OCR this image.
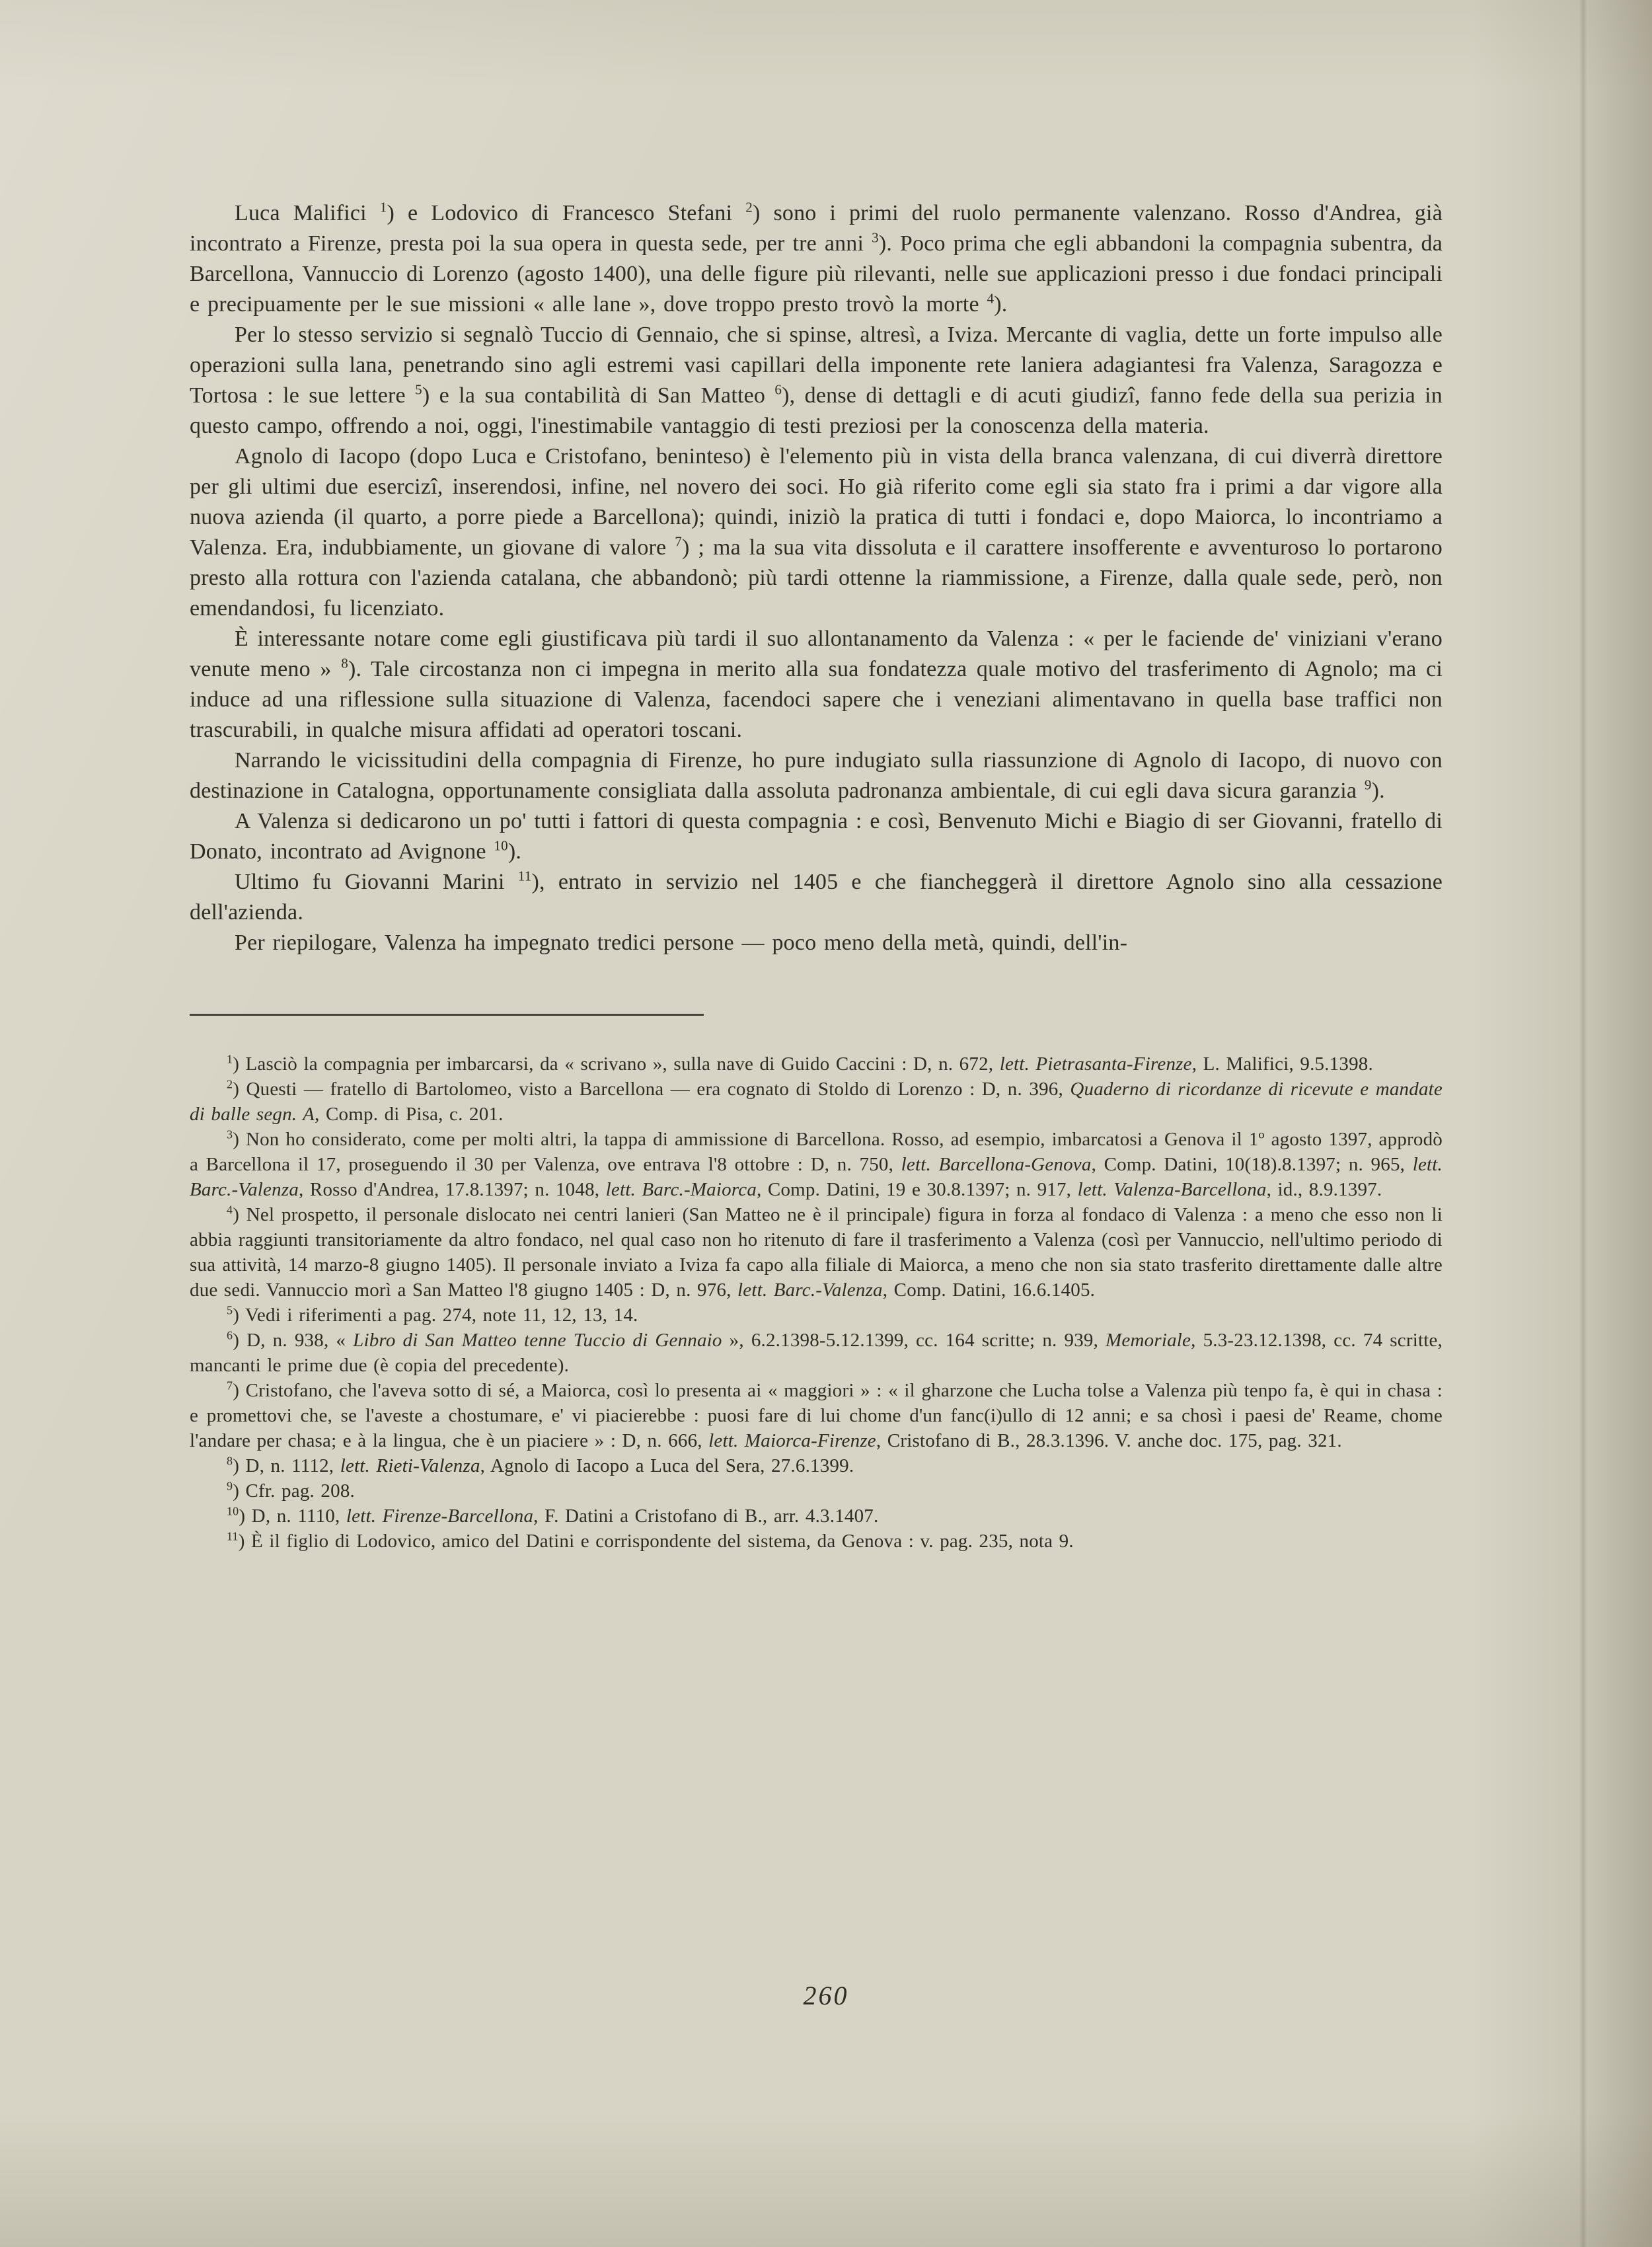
Luca Malifici $^1$) e Lodovico di Francesco Stefani $^2$) sono i primi del ruolo permanente valenzano. Rosso d'Andrea, già incontrato a Firenze, presta poi la sua opera in questa sede, per tre anni $^3$). Poco prima che egli abbandoni la compagnia subentra, da Barcellona, Vannuccio di Lorenzo (agosto 1400), una delle figure più rilevanti, nelle sue applicazioni presso i due fondaci principali e precipuamente per le sue missioni « alle lane », dove troppo presto trovò la morte $^4$).

Per lo stesso servizio si segnalò Tuccio di Gennaio, che si spinse, altresì, a Iviza. Mercante di vaglia, dette un forte impulso alle operazioni sulla lana, penetrando sino agli estremi vasi capillari della imponente rete laniera adagiantesi fra Valenza, Saragozza e Tortosa : le sue lettere $^5$) e la sua contabilità di San Matteo $^6$), dense di dettagli e di acuti giudizî, fanno fede della sua perizia in questo campo, offrendo a noi, oggi, l'inestimabile vantaggio di testi preziosi per la conoscenza della materia.

Agnolo di Iacopo (dopo Luca e Cristofano, beninteso) è l'elemento più in vista della branca valenzana, di cui diverrà direttore per gli ultimi due esercizî, inserendosi, infine, nel novero dei soci. Ho già riferito come egli sia stato fra i primi a dar vigore alla nuova azienda (il quarto, a porre piede a Barcellona); quindi, iniziò la pratica di tutti i fondaci e, dopo Maiorca, lo incontriamo a Valenza. Era, indubbiamente, un giovane di valore $^7$) ; ma la sua vita dissoluta e il carattere insofferente e avventuroso lo portarono presto alla rottura con l'azienda catalana, che abbandonò; più tardi ottenne la riammissione, a Firenze, dalla quale sede, però, non emendandosi, fu licenziato.

È interessante notare come egli giustificava più tardi il suo allontanamento da Valenza : « per le faciende de' viniziani v'erano venute meno » $^8$). Tale circostanza non ci impegna in merito alla sua fondatezza quale motivo del trasferimento di Agnolo; ma ci induce ad una riflessione sulla situazione di Valenza, facendoci sapere che i veneziani alimentavano in quella base traffici non trascurabili, in qualche misura affidati ad operatori toscani.

Narrando le vicissitudini della compagnia di Firenze, ho pure indugiato sulla riassunzione di Agnolo di Iacopo, di nuovo con destinazione in Catalogna, opportunamente consigliata dalla assoluta padronanza ambientale, di cui egli dava sicura garanzia $^9$).

A Valenza si dedicarono un po' tutti i fattori di questa compagnia : e così, Benvenuto Michi e Biagio di ser Giovanni, fratello di Donato, incontrato ad Avignone $^{10}$).

Ultimo fu Giovanni Marini $^{11}$), entrato in servizio nel 1405 e che fiancheggerà il direttore Agnolo sino alla cessazione dell'azienda.

Per riepilogare, Valenza ha impegnato tredici persone — poco meno della metà, quindi, dell'in-

$^1$) Lasciò la compagnia per imbarcarsi, da « scrivano », sulla nave di Guido Caccini : D, n. 672, lett. Pietrasanta-Firenze, L. Malifici, 9.5.1398.

$^2$) Questi — fratello di Bartolomeo, visto a Barcellona — era cognato di Stoldo di Lorenzo : D, n. 396, Quaderno di ricordanze di ricevute e mandate di balle segn. A, Comp. di Pisa, c. 201.

$^3$) Non ho considerato, come per molti altri, la tappa di ammissione di Barcellona. Rosso, ad esempio, imbarcatosi a Genova il 1º agosto 1397, approdò a Barcellona il 17, proseguendo il 30 per Valenza, ove entrava l'8 ottobre : D, n. 750, lett. Barcellona-Genova, Comp. Datini, 10(18).8.1397; n. 965, lett. Barc.-Valenza, Rosso d'Andrea, 17.8.1397; n. 1048, lett. Barc.-Maiorca, Comp. Datini, 19 e 30.8.1397; n. 917, lett. Valenza-Barcellona, id., 8.9.1397.

$^4$) Nel prospetto, il personale dislocato nei centri lanieri (San Matteo ne è il principale) figura in forza al fondaco di Valenza : a meno che esso non li abbia raggiunti transitoriamente da altro fondaco, nel qual caso non ho ritenuto di fare il trasferimento a Valenza (così per Vannuccio, nell'ultimo periodo di sua attività, 14 marzo-8 giugno 1405). Il personale inviato a Iviza fa capo alla filiale di Maiorca, a meno che non sia stato trasferito direttamente dalle altre due sedi. Vannuccio morì a San Matteo l'8 giugno 1405 : D, n. 976, lett. Barc.-Valenza, Comp. Datini, 16.6.1405.

$^5$) Vedi i riferimenti a pag. 274, note 11, 12, 13, 14.

$^6$) D, n. 938, « Libro di San Matteo tenne Tuccio di Gennaio », 6.2.1398-5.12.1399, cc. 164 scritte; n. 939, Memoriale, 5.3-23.12.1398, cc. 74 scritte, mancanti le prime due (è copia del precedente).

$^7$) Cristofano, che l'aveva sotto di sé, a Maiorca, così lo presenta ai « maggiori » : « il gharzone che Lucha tolse a Valenza più tenpo fa, è qui in chasa : e promettovi che, se l'aveste a chostumare, e' vi piacierebbe : puosi fare di lui chome d'un fanc(i)ullo di 12 anni; e sa chosì i paesi de' Reame, chome l'andare per chasa; e à la lingua, che è un piaciere » : D, n. 666, lett. Maiorca-Firenze, Cristofano di B., 28.3.1396. V. anche doc. 175, pag. 321.

$^8$) D, n. 1112, lett. Rieti-Valenza, Agnolo di Iacopo a Luca del Sera, 27.6.1399.

$^9$) Cfr. pag. 208.

$^{10}$) D, n. 1110, lett. Firenze-Barcellona, F. Datini a Cristofano di B., arr. 4.3.1407.

$^{11}$) È il figlio di Lodovico, amico del Datini e corrispondente del sistema, da Genova : v. pag. 235, nota 9.

260
